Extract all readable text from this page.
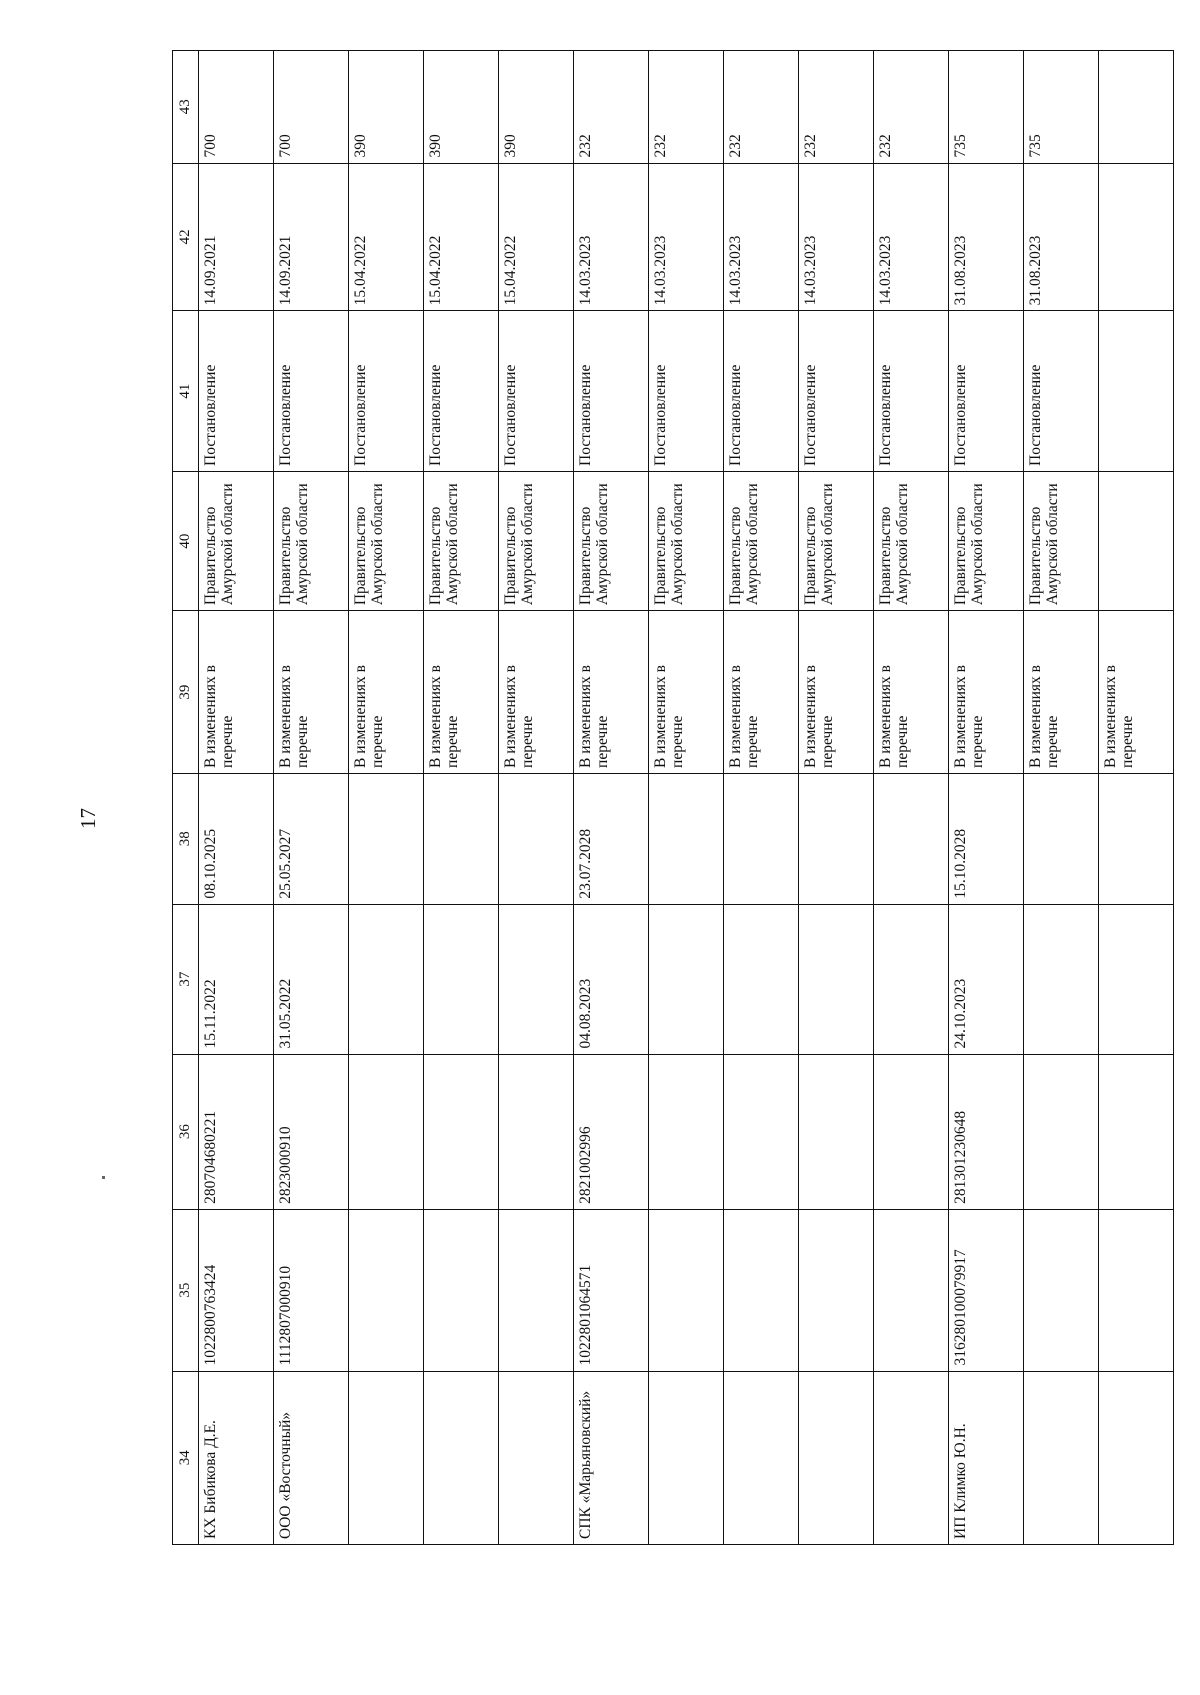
17
34	35	36	37	38	39	40	41	42	43
КХ Бибикова Д.Е.	1022800763424	280704680221	15.11.2022	08.10.2025	В изменениях в перечне	Правительство Амурской области	Постановление	14.09.2021	700
ООО «Восточный»	1112807000910	2823000910	31.05.2022	25.05.2027	В изменениях в перечне	Правительство Амурской области	Постановление	14.09.2021	700
					В изменениях в перечне	Правительство Амурской области	Постановление	15.04.2022	390
					В изменениях в перечне	Правительство Амурской области	Постановление	15.04.2022	390
					В изменениях в перечне	Правительство Амурской области	Постановление	15.04.2022	390
СПК «Марьяновский»	1022801064571	2821002996	04.08.2023	23.07.2028	В изменениях в перечне	Правительство Амурской области	Постановление	14.03.2023	232
					В изменениях в перечне	Правительство Амурской области	Постановление	14.03.2023	232
					В изменениях в перечне	Правительство Амурской области	Постановление	14.03.2023	232
					В изменениях в перечне	Правительство Амурской области	Постановление	14.03.2023	232
					В изменениях в перечне	Правительство Амурской области	Постановление	14.03.2023	232
ИП Климко Ю.Н.	316280100079917	281301230648	24.10.2023	15.10.2028	В изменениях в перечне	Правительство Амурской области	Постановление	31.08.2023	735
					В изменениях в перечне	Правительство Амурской области	Постановление	31.08.2023	735
					В изменениях в перечне				
